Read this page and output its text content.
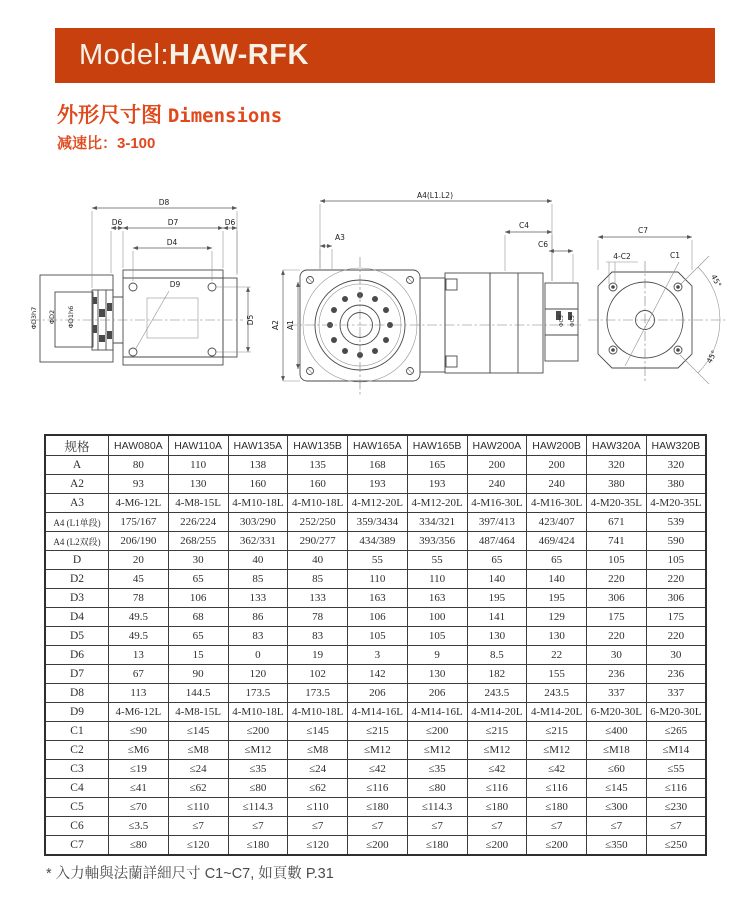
Model: HAW-RFK
外形尺寸图 Dimensions
减速比：3-100
D8
D6	D7	D6
D4
D9
D5
ΦD3h7 ΦD2 ΦD1h6	ΦC3 ΦC5
A4(L1.L2)
A3
C4
C6
A2 A1
C7
4-C2	C1
45°
45°
规格	HAW080A	HAW110A	HAW135A	HAW135B	HAW165A	HAW165B	HAW200A	HAW200B	HAW320A	HAW320B
A	80	110	138	135	168	165	200	200	320	320
A2	93	130	160	160	193	193	240	240	380	380
A3	4-M6-12L	4-M8-15L	4-M10-18L	4-M10-18L	4-M12-20L	4-M12-20L	4-M16-30L	4-M16-30L	4-M20-35L	4-M20-35L
A4 (L1单段)	175/167	226/224	303/290	252/250	359/3434	334/321	397/413	423/407	671	539
A4 (L2双段)	206/190	268/255	362/331	290/277	434/389	393/356	487/464	469/424	741	590
D	20	30	40	40	55	55	65	65	105	105
D2	45	65	85	85	110	110	140	140	220	220
D3	78	106	133	133	163	163	195	195	306	306
D4	49.5	68	86	78	106	100	141	129	175	175
D5	49.5	65	83	83	105	105	130	130	220	220
D6	13	15	0	19	3	9	8.5	22	30	30
D7	67	90	120	102	142	130	182	155	236	236
D8	113	144.5	173.5	173.5	206	206	243.5	243.5	337	337
D9	4-M6-12L	4-M8-15L	4-M10-18L	4-M10-18L	4-M14-16L	4-M14-16L	4-M14-20L	4-M14-20L	6-M20-30L	6-M20-30L
C1	≤90	≤145	≤200	≤145	≤215	≤200	≤215	≤215	≤400	≤265
C2	≤M6	≤M8	≤M12	≤M8	≤M12	≤M12	≤M12	≤M12	≤M18	≤M14
C3	≤19	≤24	≤35	≤24	≤42	≤35	≤42	≤42	≤60	≤55
C4	≤41	≤62	≤80	≤62	≤116	≤80	≤116	≤116	≤145	≤116
C5	≤70	≤110	≤114.3	≤110	≤180	≤114.3	≤180	≤180	≤300	≤230
C6	≤3.5	≤7	≤7	≤7	≤7	≤7	≤7	≤7	≤7	≤7
C7	≤80	≤120	≤180	≤120	≤200	≤180	≤200	≤200	≤350	≤250
* 入力軸與法蘭詳細尺寸 C1~C7, 如頁數 P.31
